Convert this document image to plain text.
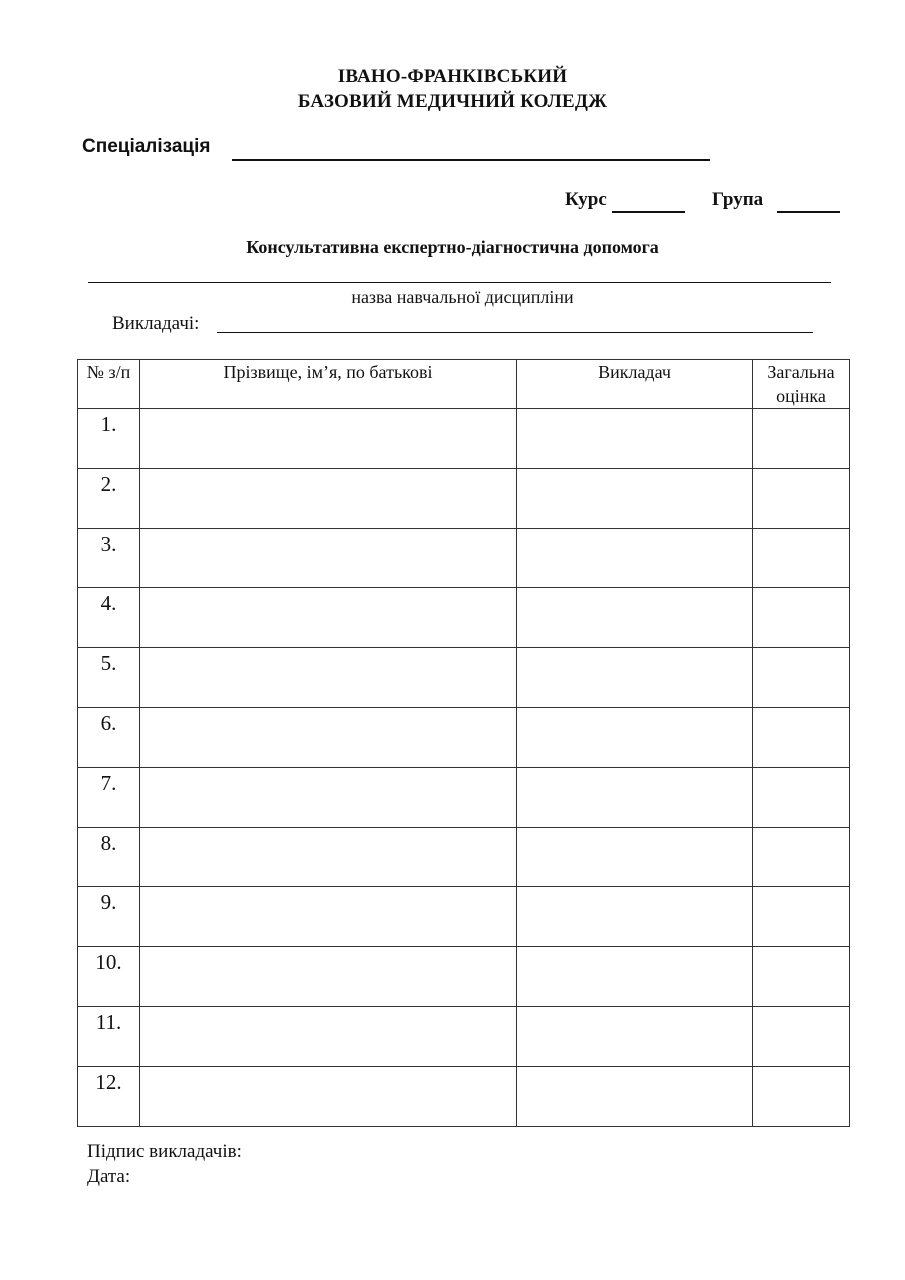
ІВАНО-ФРАНКІВСЬКИЙ
БАЗОВИЙ МЕДИЧНИЙ КОЛЕДЖ
Спеціалізація
Курс	Група
Консультативна експертно-діагностична допомога
назва навчальної дисципліни
Викладачі:
№ з/п	Прізвище, ім’я, по батькові	Викладач	Загальна оцінка
1.			
2.			
3.			
4.			
5.			
6.			
7.			
8.			
9.			
10.			
11.			
12.			
Підпис викладачів:
Дата:
